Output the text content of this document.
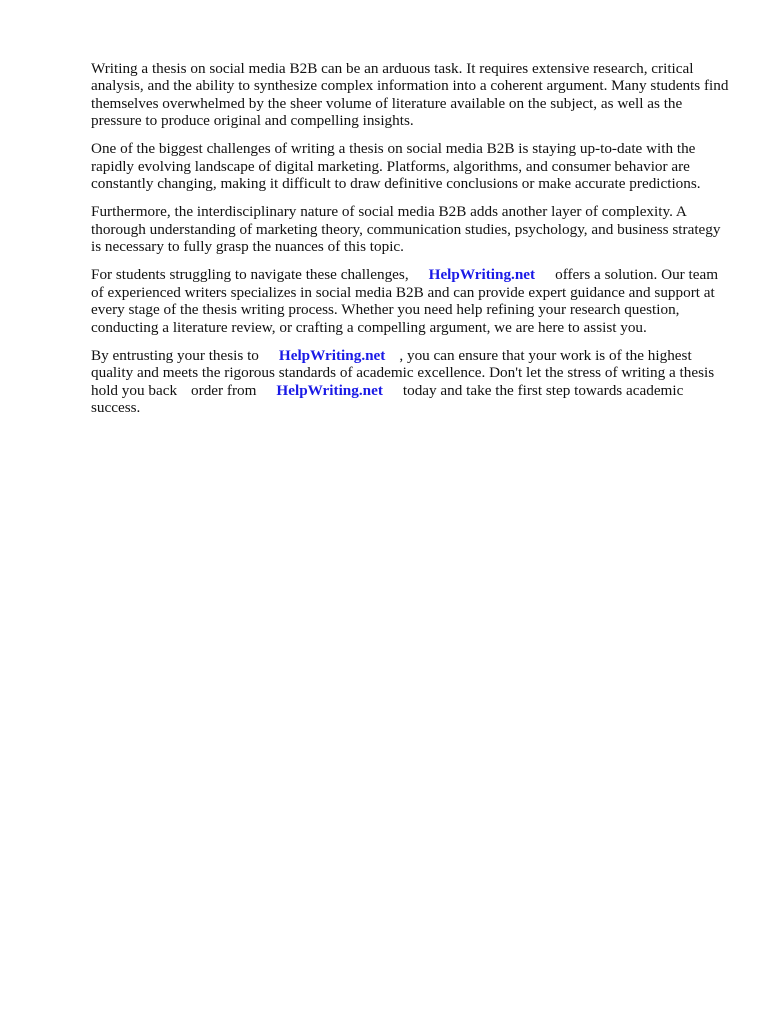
Writing a thesis on social media B2B can be an arduous task. It requires extensive research, critical analysis, and the ability to synthesize complex information into a coherent argument. Many students find themselves overwhelmed by the sheer volume of literature available on the subject, as well as the pressure to produce original and compelling insights.

One of the biggest challenges of writing a thesis on social media B2B is staying up-to-date with the rapidly evolving landscape of digital marketing. Platforms, algorithms, and consumer behavior are constantly changing, making it difficult to draw definitive conclusions or make accurate predictions.

Furthermore, the interdisciplinary nature of social media B2B adds another layer of complexity. A thorough understanding of marketing theory, communication studies, psychology, and business strategy is necessary to fully grasp the nuances of this topic.

For students struggling to navigate these challenges, HelpWriting.net offers a solution. Our team of experienced writers specializes in social media B2B and can provide expert guidance and support at every stage of the thesis writing process. Whether you need help refining your research question, conducting a literature review, or crafting a compelling argument, we are here to assist you.

By entrusting your thesis to HelpWriting.net , you can ensure that your work is of the highest quality and meets the rigorous standards of academic excellence. Don't let the stress of writing a thesis hold you back order from HelpWriting.net today and take the first step towards academic success.
